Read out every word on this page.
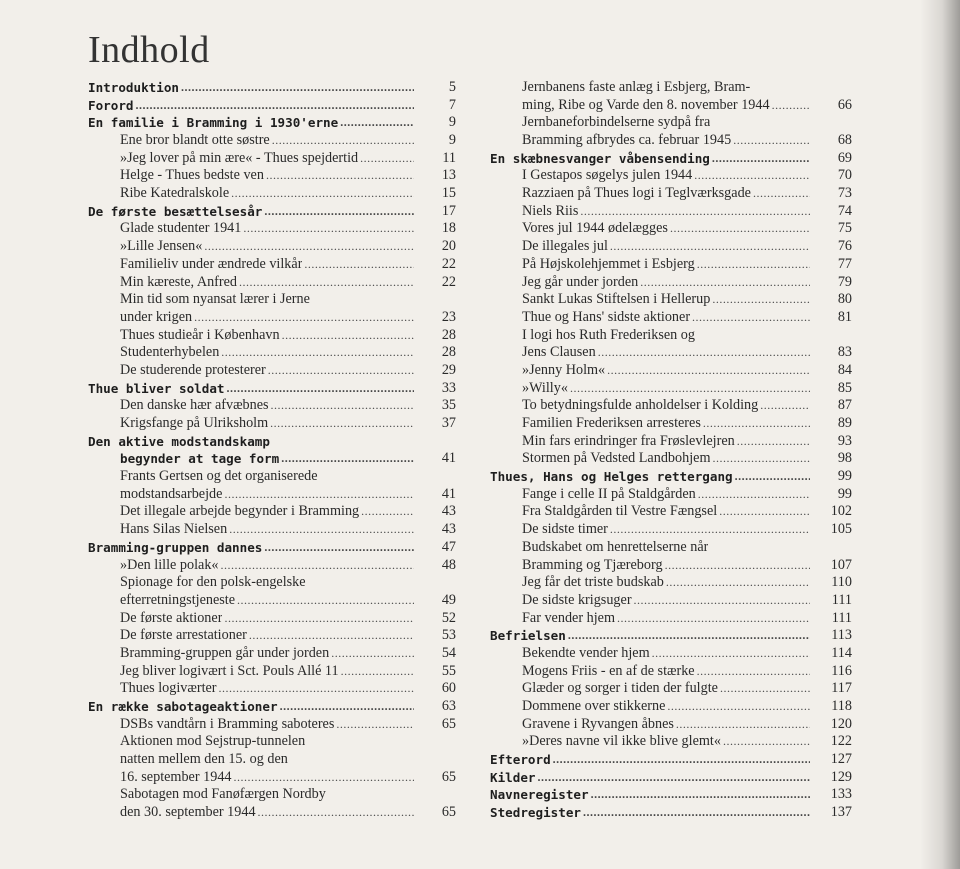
Indhold
Introduktion .....	5
Forord .....	7
En familie i Bramming i 1930'erne .....	9
Ene bror blandt otte søstre .....	9
»Jeg lover på min ære« - Thues spejdertid .....	11
Helge - Thues bedste ven .....	13
Ribe Katedralskole .....	15
De første besættelsesår .....	17
Glade studenter 1941 .....	18
»Lille Jensen« .....	20
Familieliv under ændrede vilkår .....	22
Min kæreste, Anfred .....	22
Min tid som nyansat lærer i Jerne
under krigen .....	23
Thues studieår i København .....	28
Studenterhybelen .....	28
De studerende protesterer .....	29
Thue bliver soldat .....	33
Den danske hær afvæbnes .....	35
Krigsfange på Ulriksholm .....	37
Den aktive modstandskamp
begynder at tage form .....	41
Frants Gertsen og det organiserede
modstandsarbejde .....	41
Det illegale arbejde begynder i Bramming .....	43
Hans Silas Nielsen .....	43
Bramming-gruppen dannes .....	47
»Den lille polak« .....	48
Spionage for den polsk-engelske
efterretningstjeneste .....	49
De første aktioner .....	52
De første arrestationer .....	53
Bramming-gruppen går under jorden .....	54
Jeg bliver logivært i Sct. Pouls Allé 11 .....	55
Thues logiværter .....	60
En række sabotageaktioner .....	63
DSBs vandtårn i Bramming saboteres .....	65
Aktionen mod Sejstrup-tunnelen
natten mellem den 15. og den
16. september 1944 .....	65
Sabotagen mod Fanøfærgen Nordby
den 30. september 1944 .....	65
Jernbanens faste anlæg i Esbjerg, Bram-
ming, Ribe og Varde den 8. november 1944 .....	66
Jernbaneforbindelserne sydpå fra
Bramming afbrydes ca. februar 1945 .....	68
En skæbnesvanger våbensending .....	69
I Gestapos søgelys julen 1944 .....	70
Razziaen på Thues logi i Teglværksgade .....	73
Niels Riis .....	74
Vores jul 1944 ødelægges .....	75
De illegales jul .....	76
På Højskolehjemmet i Esbjerg .....	77
Jeg går under jorden .....	79
Sankt Lukas Stiftelsen i Hellerup .....	80
Thue og Hans' sidste aktioner .....	81
I logi hos Ruth Frederiksen og
Jens Clausen .....	83
»Jenny Holm« .....	84
»Willy« .....	85
To betydningsfulde anholdelser i Kolding .....	87
Familien Frederiksen arresteres .....	89
Min fars erindringer fra Frøslevlejren .....	93
Stormen på Vedsted Landbohjem .....	98
Thues, Hans og Helges rettergang .....	99
Fange i celle II på Staldgården .....	99
Fra Staldgården til Vestre Fængsel .....	102
De sidste timer .....	105
Budskabet om henrettelserne når
Bramming og Tjæreborg .....	107
Jeg får det triste budskab .....	110
De sidste krigsuger .....	111
Far vender hjem .....	111
Befrielsen .....	113
Bekendte vender hjem .....	114
Mogens Friis - en af de stærke .....	116
Glæder og sorger i tiden der fulgte .....	117
Dommene over stikkerne .....	118
Gravene i Ryvangen åbnes .....	120
»Deres navne vil ikke blive glemt« .....	122
Efterord .....	127
Kilder .....	129
Navneregister .....	133
Stedregister .....	137
